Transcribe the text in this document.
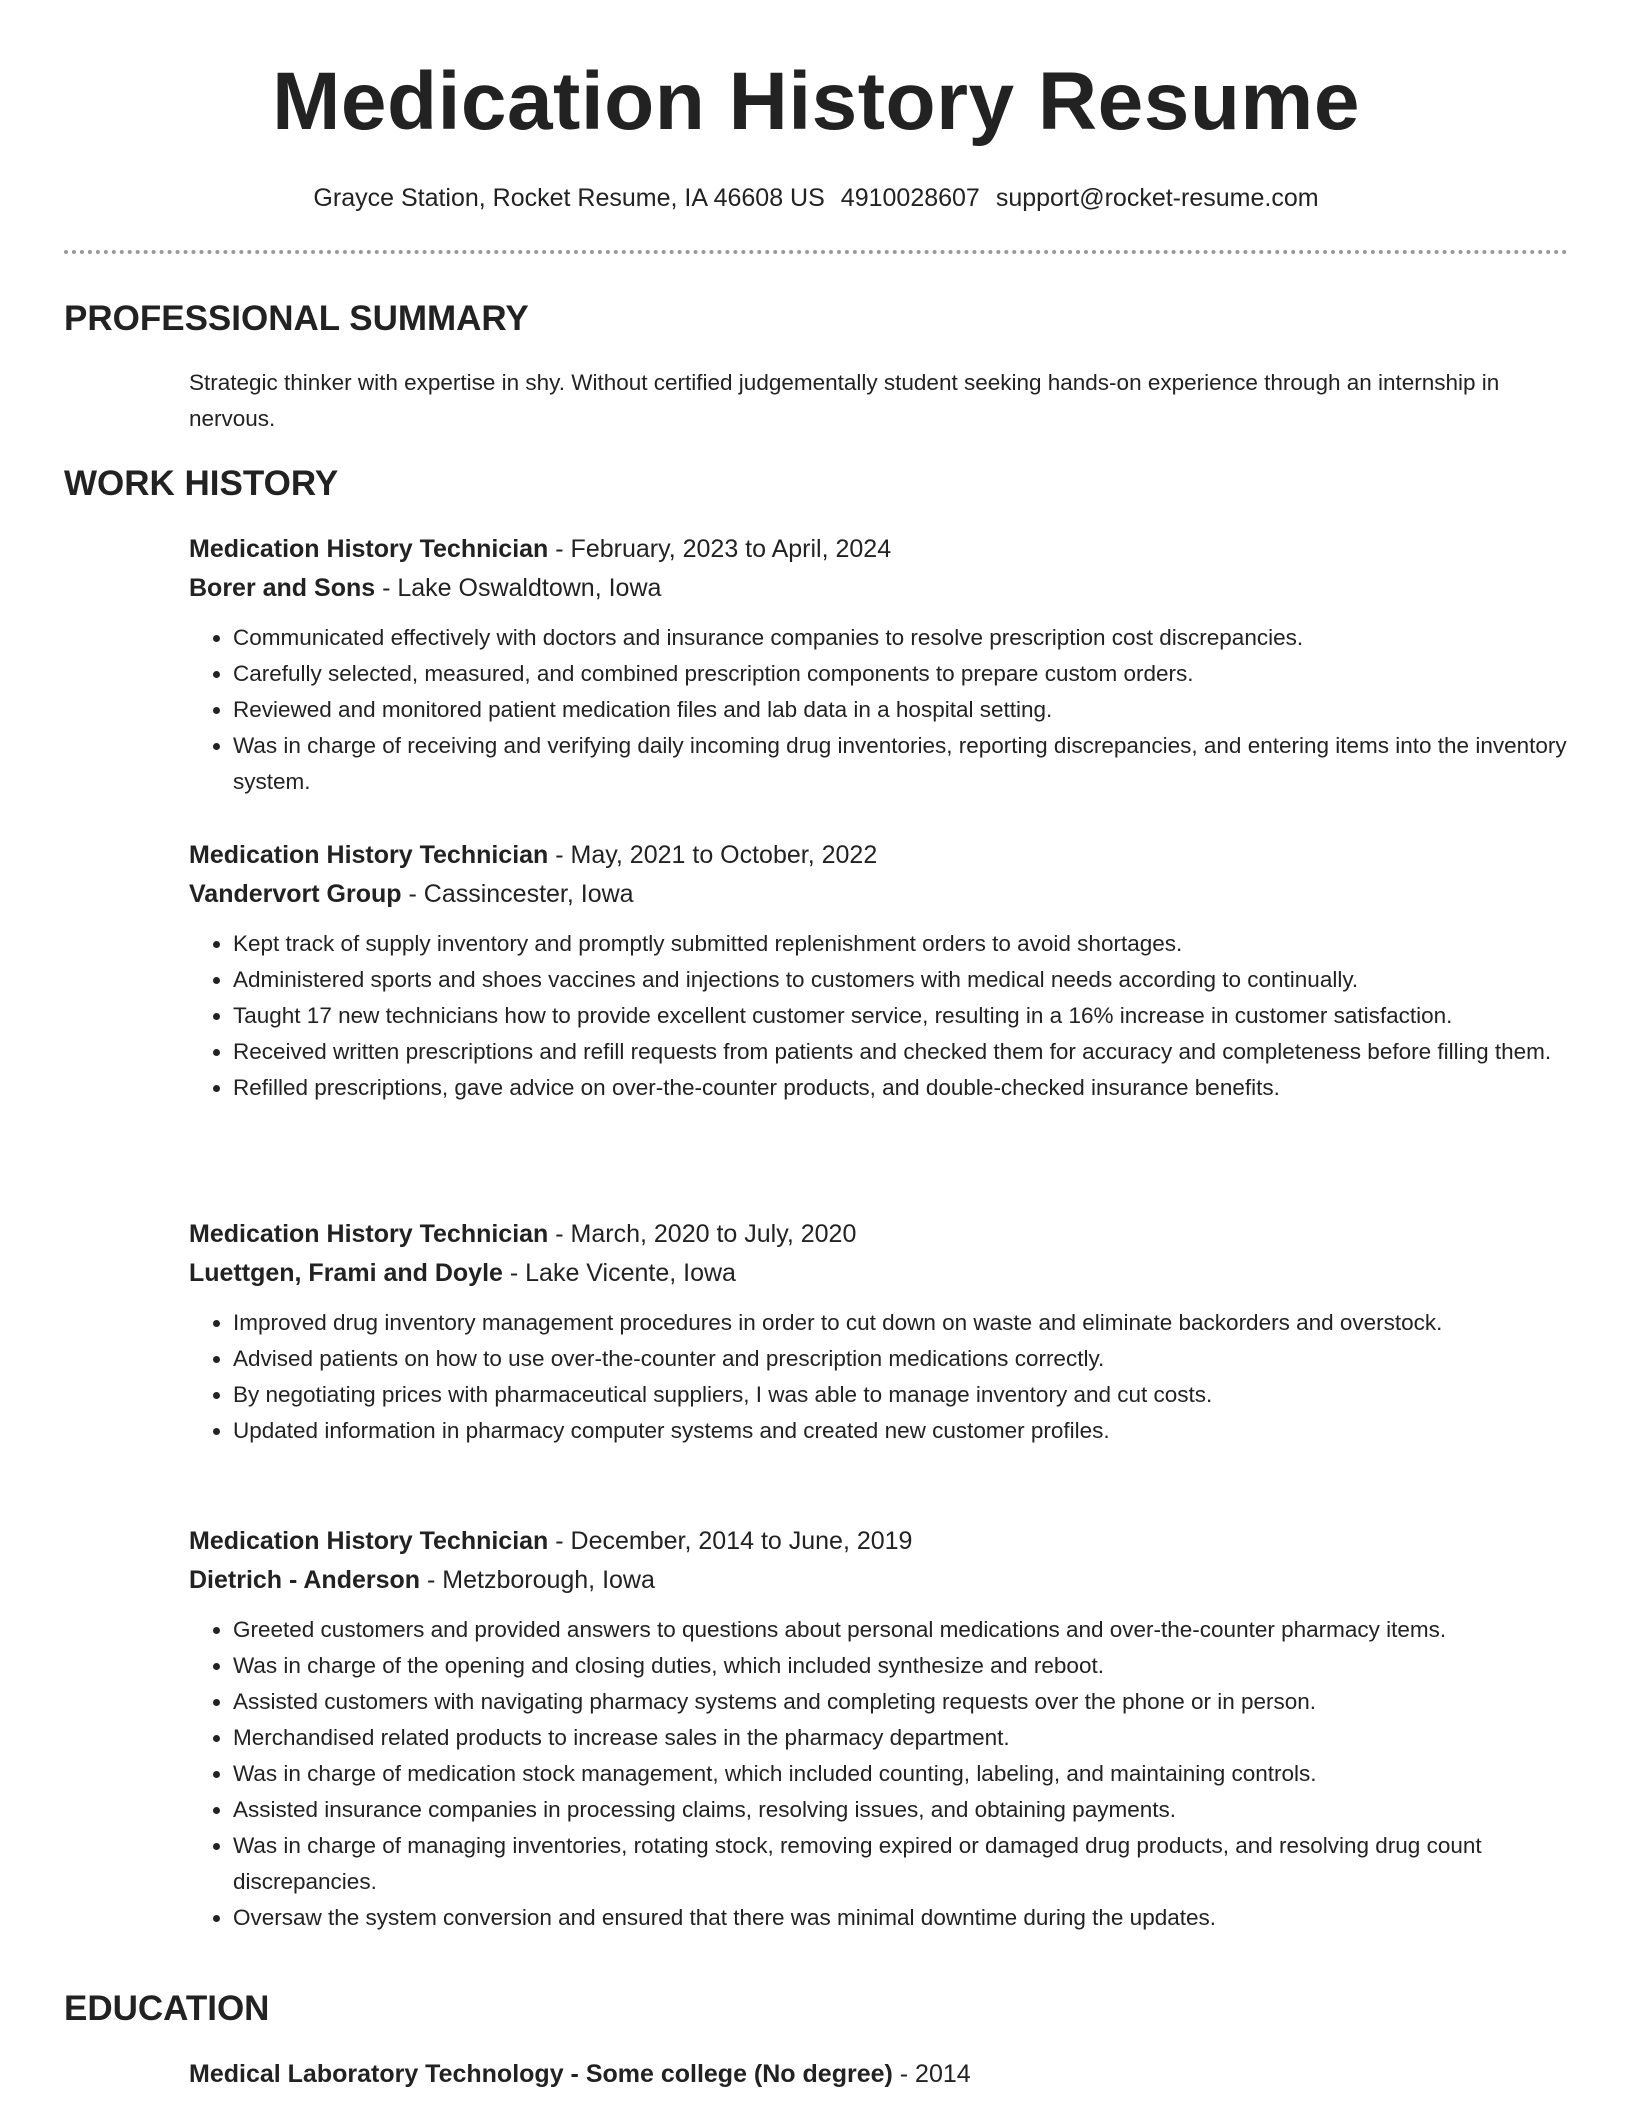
Medication History Resume
Grayce Station, Rocket Resume, IA 46608 US 4910028607 support@rocket-resume.com
PROFESSIONAL SUMMARY

Strategic thinker with expertise in shy. Without certified judgementally student seeking hands-on experience through an internship in nervous.

WORK HISTORY

Medication History Technician - February, 2023 to April, 2024

Borer and Sons - Lake Oswaldtown, Iowa

• Communicated effectively with doctors and insurance companies to resolve prescription cost discrepancies.
• Carefully selected, measured, and combined prescription components to prepare custom orders.
• Reviewed and monitored patient medication files and lab data in a hospital setting.
• Was in charge of receiving and verifying daily incoming drug inventories, reporting discrepancies, and entering items into the inventory system.

Medication History Technician - May, 2021 to October, 2022

Vandervort Group - Cassincester, Iowa

• Kept track of supply inventory and promptly submitted replenishment orders to avoid shortages.
• Administered sports and shoes vaccines and injections to customers with medical needs according to continually.
• Taught 17 new technicians how to provide excellent customer service, resulting in a 16% increase in customer satisfaction.
• Received written prescriptions and refill requests from patients and checked them for accuracy and completeness before filling them.
• Refilled prescriptions, gave advice on over-the-counter products, and double-checked insurance benefits.

Medication History Technician - March, 2020 to July, 2020

Luettgen, Frami and Doyle - Lake Vicente, Iowa

• Improved drug inventory management procedures in order to cut down on waste and eliminate backorders and overstock.
• Advised patients on how to use over-the-counter and prescription medications correctly.
• By negotiating prices with pharmaceutical suppliers, I was able to manage inventory and cut costs.
• Updated information in pharmacy computer systems and created new customer profiles.

Medication History Technician - December, 2014 to June, 2019

Dietrich - Anderson - Metzborough, Iowa

• Greeted customers and provided answers to questions about personal medications and over-the-counter pharmacy items.
• Was in charge of the opening and closing duties, which included synthesize and reboot.
• Assisted customers with navigating pharmacy systems and completing requests over the phone or in person.
• Merchandised related products to increase sales in the pharmacy department.
• Was in charge of medication stock management, which included counting, labeling, and maintaining controls.
• Assisted insurance companies in processing claims, resolving issues, and obtaining payments.
• Was in charge of managing inventories, rotating stock, removing expired or damaged drug products, and resolving drug count discrepancies.
• Oversaw the system conversion and ensured that there was minimal downtime during the updates.
EDUCATION

Medical Laboratory Technology - Some college (No degree) - 2014
